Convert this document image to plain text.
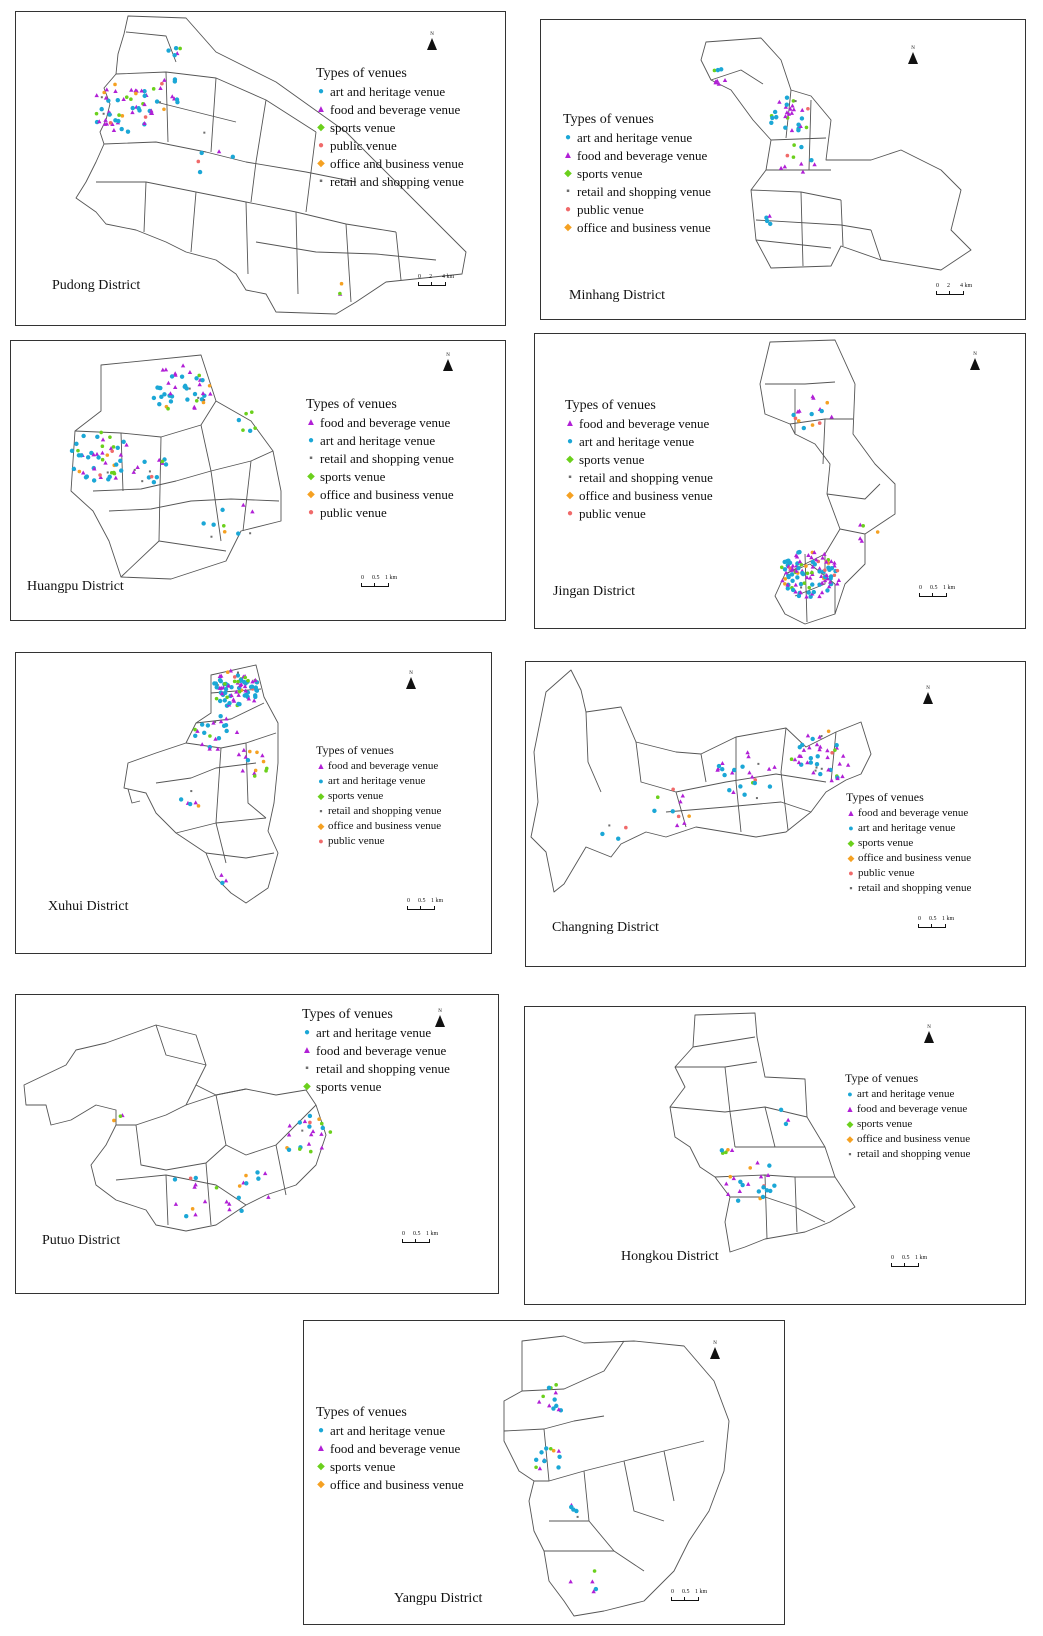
N
Types of venues
● art and heritage venue
▲ food and beverage venue
◆ sports venue
● public venue
◆ office and business venue
▪ retail and shopping venue
Pudong District
0 2 4 km
N
Types of venues
● art and heritage venue
▲ food and beverage venue
◆ sports venue
▪ retail and shopping venue
● public venue
◆ office and business venue
Minhang District
0 2 4 km
N
Types of venues
▲ food and beverage venue
● art and heritage venue
▪ retail and shopping venue
◆ sports venue
◆ office and business venue
● public venue
Huangpu District
0 0.5 1 km
N
Types of venues
▲ food and beverage venue
● art and heritage venue
◆ sports venue
▪ retail and shopping venue
◆ office and business venue
● public venue
Jingan District	0 0.5 1 km
N
Types of venues
▲ food and beverage venue
● art and heritage venue
◆ sports venue
▪ retail and shopping venue
◆ office and business venue
● public venue
Xuhui District	0 0.5 1 km
N
Types of venues
▲ food and beverage venue
● art and heritage venue
◆ sports venue
◆ office and business venue
● public venue
▪ retail and shopping venue
Changning District
0 0.5 1 km
N
Types of venues
● art and heritage venue
▲ food and beverage venue
▪ retail and shopping venue
◆ sports venue
Putuo District	0 0.5 1 km
N
Type of venues
● art and heritage venue
▲ food and beverage venue
◆ sports venue
◆ office and business venue
▪ retail and shopping venue
Hongkou District	0 0.5 1 km
N
Types of venues
● art and heritage venue
▲ food and beverage venue
◆ sports venue
◆ office and business venue
Yangpu District	0 0.5 1 km
